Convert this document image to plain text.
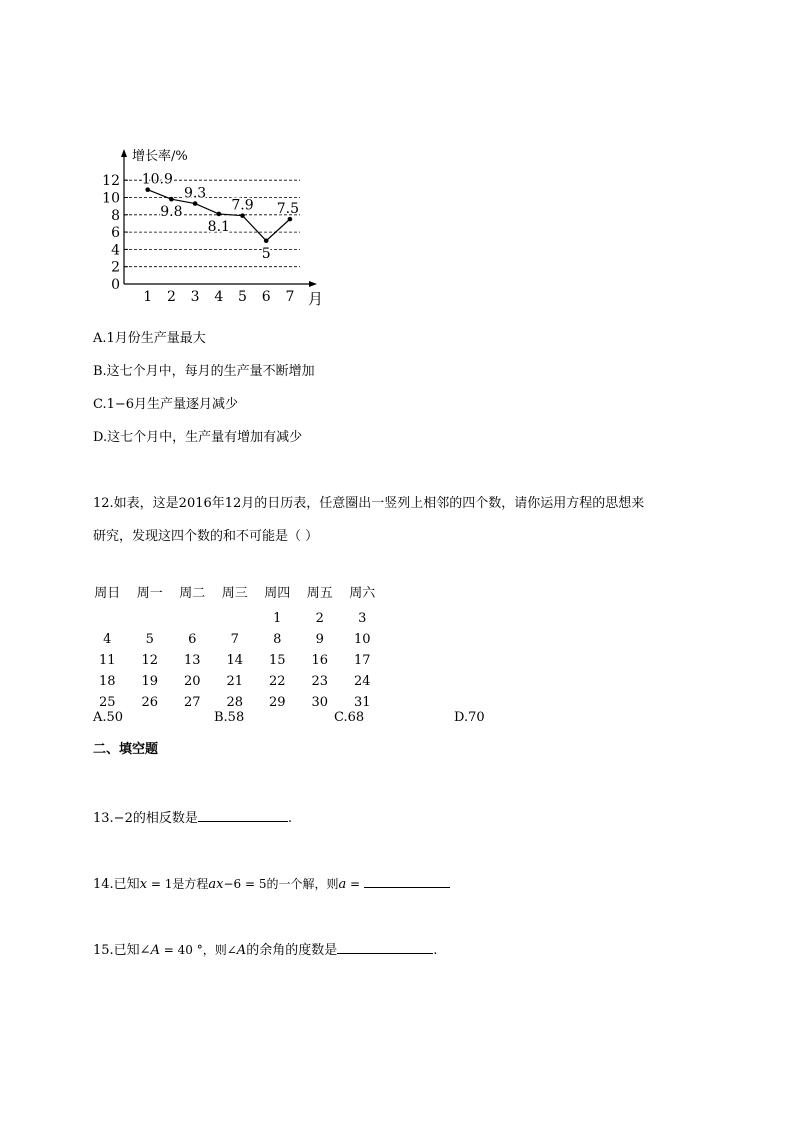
0
2
4
6
8
10
12
1 2 3 4 5 6 7
10.9
9.8
9.3
8.1
7.9
5
7.5
增长率/%
月
A.1月份生产量最大
B.这七个月中，每月的生产量不断增加
C.1−6月生产量逐月减少
D.这七个月中，生产量有增加有减少
12.如表，这是2016年12月的日历表，任意圈出一竖列上相邻的四个数，请你运用方程的思想来
研究，发现这四个数的和不可能是（ ）
周日	周一	周二	周三	周四	周五	周六
				1	2	3
4	5	6	7	8	9	10
11	12	13	14	15	16	17
18	19	20	21	22	23	24
25	26	27	28	29	30	31
A.50	B.58	C.68	D.70
二、填空题
13.−2的相反数是	.
14.已知x = 1是方程ax−6 = 5的一个解，则a =
15.已知∠A = 40 °，则∠A的余角的度数是	.
